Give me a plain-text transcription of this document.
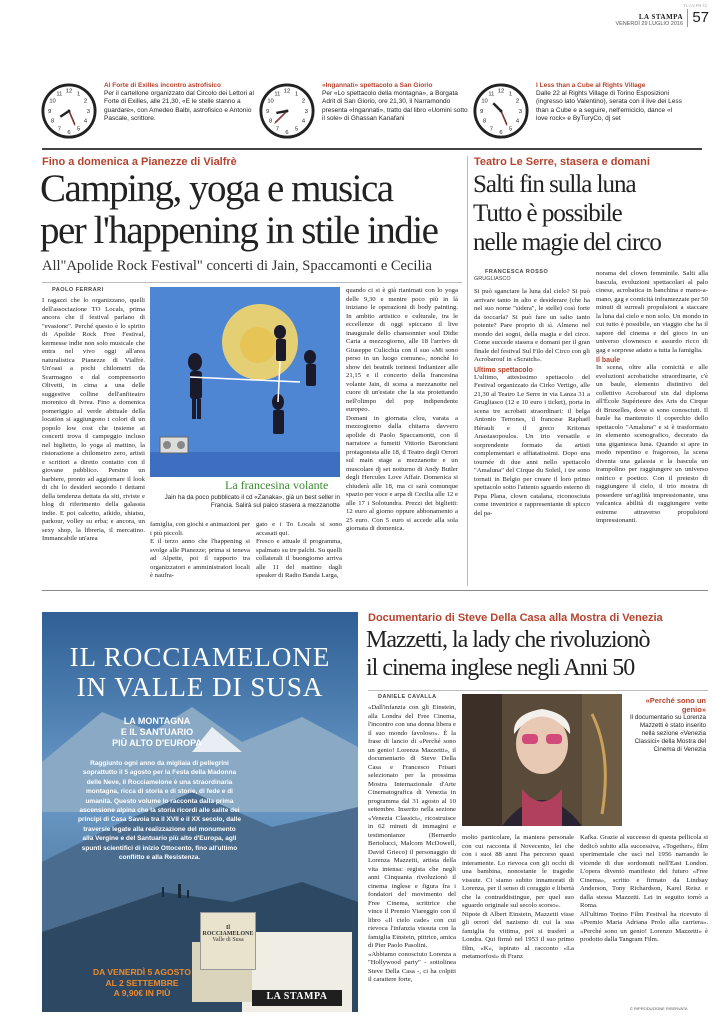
T1 CV PR T2
LA STAMPA
VENERDÌ 29 LUGLIO 2016 57
12 1
2
3
4
5
6
7
8
9
10
11
Al Forte di Exilles incontro astrofisico
Per il cartellone organizzato dal Circolo dei Lettori al Forte di Exilles, alle 21,30, «E le stelle stanno a guardare», con Amedeo Balbi, astrofisico e Antonio Pascale, scrittore.
12 1
2
3
4
5
6
7
8
9
10
11
«Ingannati» spettacolo a San Giorio
Per «Lo spettacolo della montagna», a Borgata Adrit di San Giorio, ore 21,30, il Narramondo presenta «Ingannati», tratto dal libro «Uomini sotto il sole» di Ghassan Kanafani
12 1
2
3
4
5
6
7
8
9
10
11
I Less than a Cube al Rights Village
Dalle 22 al Rights Village di Torino Esposizioni (ingresso lato Valentino), serata con il live dei Less than a Cube e a seguire, nell'emiciclo, dance «I love rock» e ByTuryCo, dj set
Fino a domenica a Pianezze di Vialfrè
Camping, yoga e musica
per l'happening in stile indie
All"Apolide Rock Festival" concerti di Jain, Spaccamonti e Cecilia
PAOLO FERRARI
I ragazzi che lo organizzano, quelli dell'associazione TO Locals, prima ancora che il festival parlano di "evasione". Perché questo è lo spirito di Apolide Rock Free Festival, kermesse indie non solo musicale che entra nel vivo oggi all'area naturalistica Pianezze di Vialfrè. Un'oasi a pochi chilometri da Scarmagno e dal comprensorio Olivetti, in cima a una delle suggestive colline dell'anfiteatro morenico di Ivrea. Fino a domenica pomeriggio al verde abituale della location si aggiungono i colori di un popolo low cost che insieme ai concerti trova il campeggio incluso nel biglietto, lo yoga al mattino, la ristorazione a chilometro zero, artisti e scrittori a diretto contatto con il giovane pubblico. Persino un barbiere, pronto ad aggiornare il look di chi lo desideri secondo i dettami della tendenza dettata da siti, riviste e blog di riferimento della galassia indie. E poi calcetto, aikido, shiatsu, parkour, volley su erba; e ancora, un sexy shop, la libreria, il mercatino. Immancabile un'area
La francesina volante
Jain ha da poco pubblicato il cd «Zanaka», già un best seller in Francia. Salirà sul palco stasera a mezzanotte
famiglia, con giochi e animazioni per i più piccoli.
E il terzo anno che l'happening si svolge alle Pianezze; prima si teneva ad Alpette, poi il rapporto tra organizzatori e amministratori locali è naufra-
gato e i To Locals si sono accasati qui.
Fresco e attuale il programma, spalmato su tre palchi. Su quelli collaterali il buongiorno arriva alle 11 del mattino dagli speaker di Radio Banda Larga,
quando ci si è già rianimati con lo yoga delle 9,30 e mentre poco più in là iniziano le operazioni di body painting. In ambito artistico e culturale, tra le eccellenze di oggi spiccano il live inaugurale dello chansonnier soul Didie Caria a mezzogiorno, alle 18 l'arrivo di Giuseppe Culicchia con il suo «Mi sono perso in un luogo comune», nonché lo show dei beatnik torinesi Indianizer alle 21,15 e il concerto della francesina volante Jain, di scena a mezzanotte nel cuore di un'estate che la sta proiettando nell'olimpo del pop indipendente europeo.
Domani in giornata clou, varata a mezzogiorno dalla chitarra davvero apolide di Paolo Spaccamonti, con il narratore a fumetti Vittorio Baronciani protagonista alle 18, il Teatro degli Orrori sul main stage a mezzanotte e un muscolare dj set notturno di Andy Butler degli Hercules Love Affair. Domenica si chiuderà alle 18, ma ci sarà comunque spazio per voce e arpa di Cecilia alle 12 e alle 17 i Solotundra. Prezzi dei biglietti: 12 euro al giorno oppure abbonamento a 25 euro. Con 5 euro si accede alla sola giornata di domenica.
Teatro Le Serre, stasera e domani
Salti fin sulla luna
Tutto è possibile
nelle magie del circo
FRANCESCA ROSSO
GRUGLIASCO
Si può sganciare la luna dal cielo? Si può arrivare tanto in alto e desiderare (che ha nel suo nome "sidera", le stelle) così forte da toccarla? Si può fare un salto tanto potente? Pare proprio di sì. Almeno nel mondo dei sogni, della magia e del circo. Come succede stasera e domani per il gran finale del festival Sul Filo del Circo con gli Acrobarouf in «Scratch».
Ultimo spettacolo
L'ultimo, attesissimo spettacolo del Festival organizzato da Cirko Vertigo, alle 21,30 al Teatro Le Serre in via Lanza 31 a Grugliasco (12 e 10 euro i ticket), porta in scena tre acrobati straordinari: il belga Antonio Terrones, il francese Raphaël Hérault e il greco Kritonas Anastasopoulos. Un trio versatile e sorprendente formato da artisti complementari e affiatatissimi. Dopo una tournée di due anni nello spettacolo "Amaluna" del Cirque du Soleil, i tre sono tornati in Belgio per creare il loro primo spettacolo sotto l'attento sguardo esterno di Pepa Plana, clown catalana, riconosciuta come inventrice e rappresentante di spicco del pa-
norama del clown femminile. Salti alla bascula, evoluzioni spettacolari al palo cinese, acrobatica in banchina e mano-a-mano, gag e comicità inframezzate per 50 minuti di surreali propulsioni a staccare la luna dal cielo e non solo. Un mondo in cui tutto è possibile, un viaggio che ha il sapore del cinema e del gioco in un universo clownesco e assurdo ricco di gag e sorprese adatto a tutta la famiglia.
Il baule
In scena, oltre alla comicità e alle evoluzioni acrobatiche straordinarie, c'è un baule, elemento distintivo del collettivo Acrobarouf sin dal diploma all'École Supérieure des Arts du Cirque di Bruxelles, dove si sono conosciuti. Il baule ha mantenuto il coperchio dello spettacolo "Amaluna" e si è trasformato in elemento scenografico, decorato da una gigantesca luna. Quando si apre in modo repentino e fragoroso, la scena diventa una galassia e la bascula un trampolino per raggiungere un universo onirico e poetico. Con il pretesto di raggiungere il cielo, il trio mostra di possedere un'agilità impressionante, una vulcanica abilità di raggiungere vette estreme attraverso propulsioni impressionanti.
IL ROCCIAMELONE
IN VALLE DI SUSA
LA MONTAGNA
E IL SANTUARIO
PIÙ ALTO D'EUROPA
Raggiunto ogni anno da migliaia di pellegrini soprattutto il 5 agosto per la Festa della Madonna delle Neve, il Rocciamelone è una straordinaria montagna, ricca di storia e di storie, di fede e di umanità. Questo volume lo racconta dalla prima ascensione alpina che la storia ricordi alle salite dei principi di Casa Savoia tra il XVII e il XX secolo, dalle traversie legate alla realizzazione del monumento alla Vergine e del Santuario più alto d'Europa, agli spunti scientifici di inizio Ottocento, fino all'ultimo conflitto e alla Resistenza.
DA VENERDÌ 5 AGOSTO
AL 2 SETTEMBRE
A 9,90€ IN PIÙ
Il ROCCIAMELONE
Valle di Susa
LA STAMPA
Documentario di Steve Della Casa alla Mostra di Venezia
Mazzetti, la lady che rivoluzionò
il cinema inglese negli Anni 50
DANIELE CAVALLA
«Dall'infanzia con gli Einstein, alla Londra del Free Cinema, l'incontro con una donna libera e il suo mondo favoloso». È la frase di lancio di «Perché sono un genio! Lorenza Mazzetti», il documentario di Steve Della Casa e Francesco Frisari selezionato per la prossima Mostra Internazionale d'Arte Cinematografica di Venezia in programma dal 31 agosto al 10 settembre. Inserito nella sezione «Venezia Classici», ricostruisce in 62 minuti di immagini e testimonianze (Bernardo Bertolucci, Malcom McDowell, David Grieco) il personaggio di Lorenza Mazzetti, artista della vita intensa: regista che negli anni Cinquanta rivoluzionò il cinema inglese e figura fra i fondatori del movimento del Free Cinema, scrittrice che vince il Premio Viareggio con il libro «Il cielo cade» con cui rievoca l'infanzia vissuta con la famiglia Einstein, pittrice, amica di Pier Paolo Pasolini.
«Abbiamo conosciuto Lorenza a "Hollywood party" - sottolinea Steve Della Casa -, ci ha colpiti il carattere forte,
«Perché sono un genio»
Il documentario su Lorenza Mazzetti è stato inserito nella sezione «Venezia Classici» della Mostra del Cinema di Venezia
molto particolare, la maniera personale con cui racconta il Novecento, lei che con i suoi 88 anni l'ha percorso quasi interamente. Lo rievoca con gli occhi di una bambina, nonostante le tragedie vissute. Ci siamo subito innamorati di Lorenza, per il senso di coraggio e libertà che la contraddistingue, per quel suo sguardo originale sul secolo scorso».
Nipote di Albert Einstein, Mazzetti visse gli orrori del nazismo di cui la sua famiglia fu vittima, poi si trasferì a Londra. Qui firmò nel 1953 il suo primo film, «K», ispirato al racconto «La metamorfosi» di Franz
Kafka. Grazie al successo di questa pellicola si dedicò subito alla successiva, «Together», film sperimentale che uscì nel 1956 narrando le vicende di due sordomuti nell'East London. L'opera diventò manifesto del futuro «Free Cinema», scritto e firmato da Lindsay Anderson, Tony Richardson, Karel Reisz e dalla stessa Mazzetti. Lei in seguito tornò a Roma.
All'ultimo Torino Film Festival ha ricevuto il «Premio Maria Adriana Prolo alla carriera». «Perché sono un genio! Lorenzo Mazzetti» è prodotto dalla Tangram Film.
© RIPRODUZIONE RISERVATA
